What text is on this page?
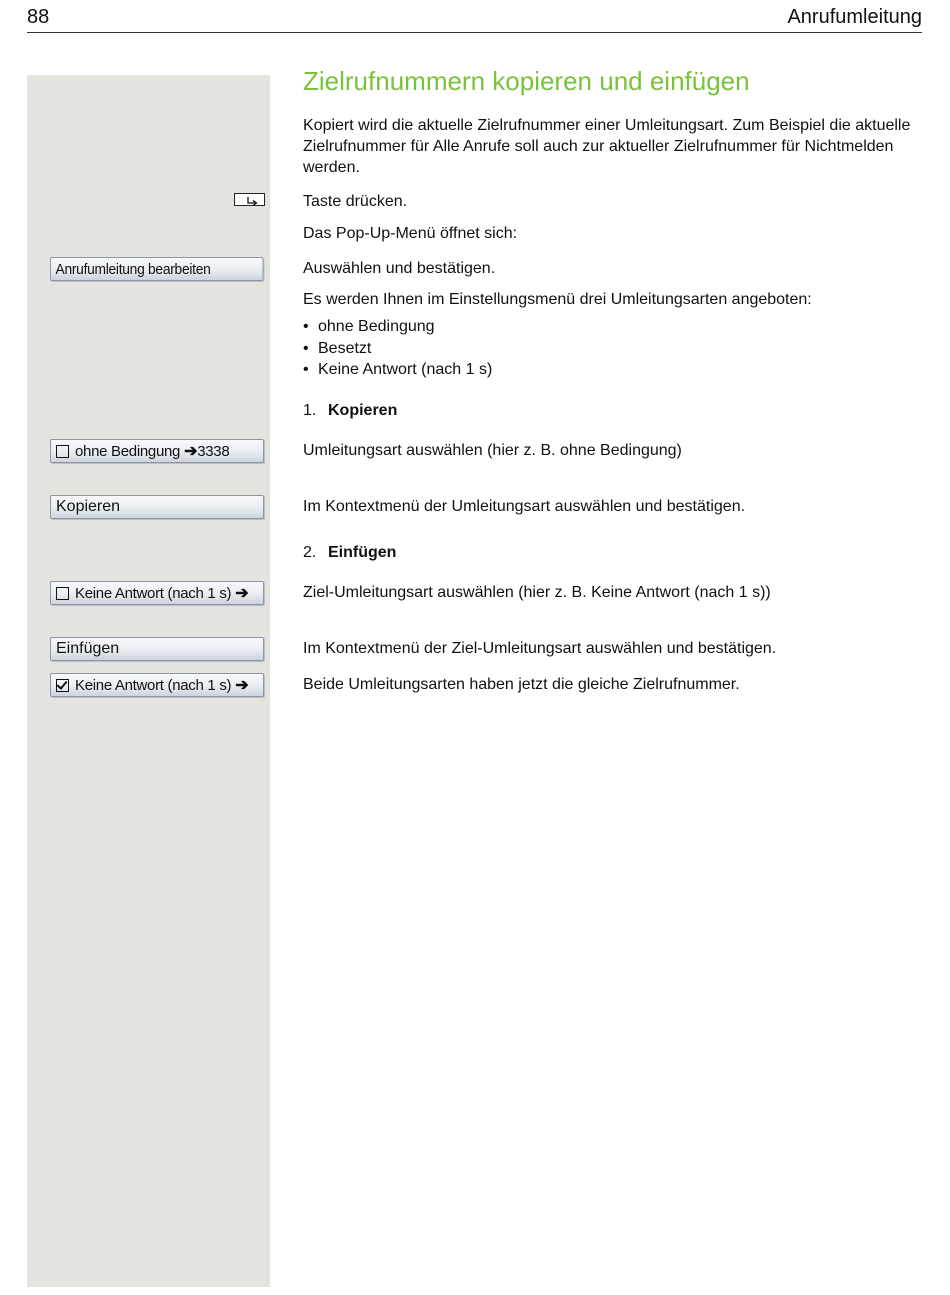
88	Anrufumleitung
Anrufumleitung bearbeiten
ohne Bedingung ➔ 3338
Kopieren
Keine Antwort (nach 1 s) ➔
Einfügen
Keine Antwort (nach 1 s) ➔
Zielrufnummern kopieren und einfügen
Kopiert wird die aktuelle Zielrufnummer einer Umleitungsart. Zum Beispiel die aktuelle Zielrufnummer für Alle Anrufe soll auch zur aktueller Zielrufnummer für Nichtmelden werden.
Taste drücken.
Das Pop-Up-Menü öffnet sich:
Auswählen und bestätigen.
Es werden Ihnen im Einstellungsmenü drei Umleitungsarten angeboten:
• ohne Bedingung
• Besetzt
• Keine Antwort (nach 1 s)
1. Kopieren
Umleitungsart auswählen (hier z. B. ohne Bedingung)
Im Kontextmenü der Umleitungsart auswählen und bestätigen.
2. Einfügen
Ziel-Umleitungsart auswählen (hier z. B. Keine Antwort (nach 1 s))
Im Kontextmenü der Ziel-Umleitungsart auswählen und bestätigen.
Beide Umleitungsarten haben jetzt die gleiche Zielrufnummer.
